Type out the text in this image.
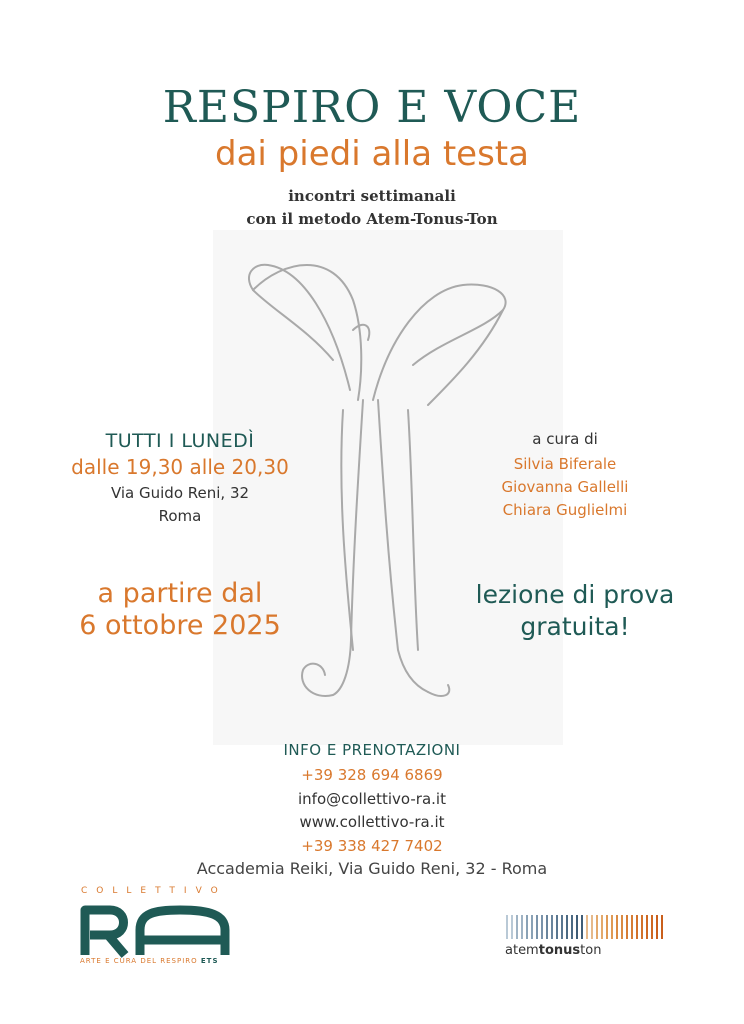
RESPIRO E VOCE
dai piedi alla testa
incontri settimanali
con il metodo Atem-Tonus-Ton
TUTTI I LUNEDÌ
dalle 19,30 alle 20,30
Via Guido Reni, 32
Roma
a cura di
Silvia Biferale
Giovanna Gallelli
Chiara Guglielmi
a partire dal
6 ottobre 2025
lezione di prova
gratuita!
INFO E PRENOTAZIONI
+39 328 694 6869
info@collettivo-ra.it
www.collettivo-ra.it
+39 338 427 7402
Accademia Reiki, Via Guido Reni, 32 - Roma
COLLETTIVO
ARTE E CURA DEL RESPIRO ETS
atemtonuston
